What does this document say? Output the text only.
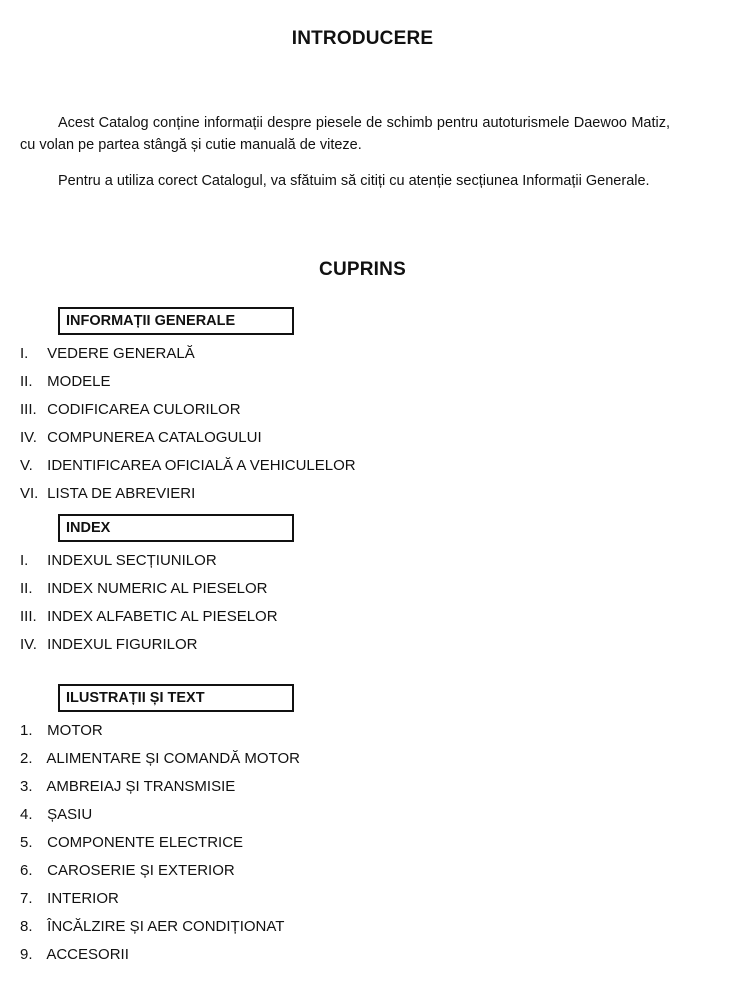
INTRODUCERE
Acest Catalog conține informații despre piesele de schimb pentru autoturismele Daewoo Matiz, cu volan pe partea stângă și cutie manuală de viteze.
Pentru a utiliza corect Catalogul, va sfătuim să citiți cu atenție secțiunea Informații Generale.
CUPRINS
INFORMAȚII GENERALE
I. VEDERE GENERALĂ
II. MODELE
III. CODIFICAREA CULORILOR
IV. COMPUNEREA CATALOGULUI
V. IDENTIFICAREA OFICIALĂ A VEHICULELOR
VI. LISTA DE ABREVIERI
INDEX
I. INDEXUL SECȚIUNILOR
II. INDEX NUMERIC AL PIESELOR
III. INDEX ALFABETIC AL PIESELOR
IV. INDEXUL FIGURILOR
ILUSTRAȚII ȘI TEXT
1. MOTOR
2. ALIMENTARE ȘI COMANDĂ MOTOR
3. AMBREIAJ ȘI TRANSMISIE
4. ȘASIU
5. COMPONENTE ELECTRICE
6. CAROSERIE ȘI EXTERIOR
7. INTERIOR
8. ÎNCĂLZIRE ȘI AER CONDIȚIONAT
9. ACCESORII
